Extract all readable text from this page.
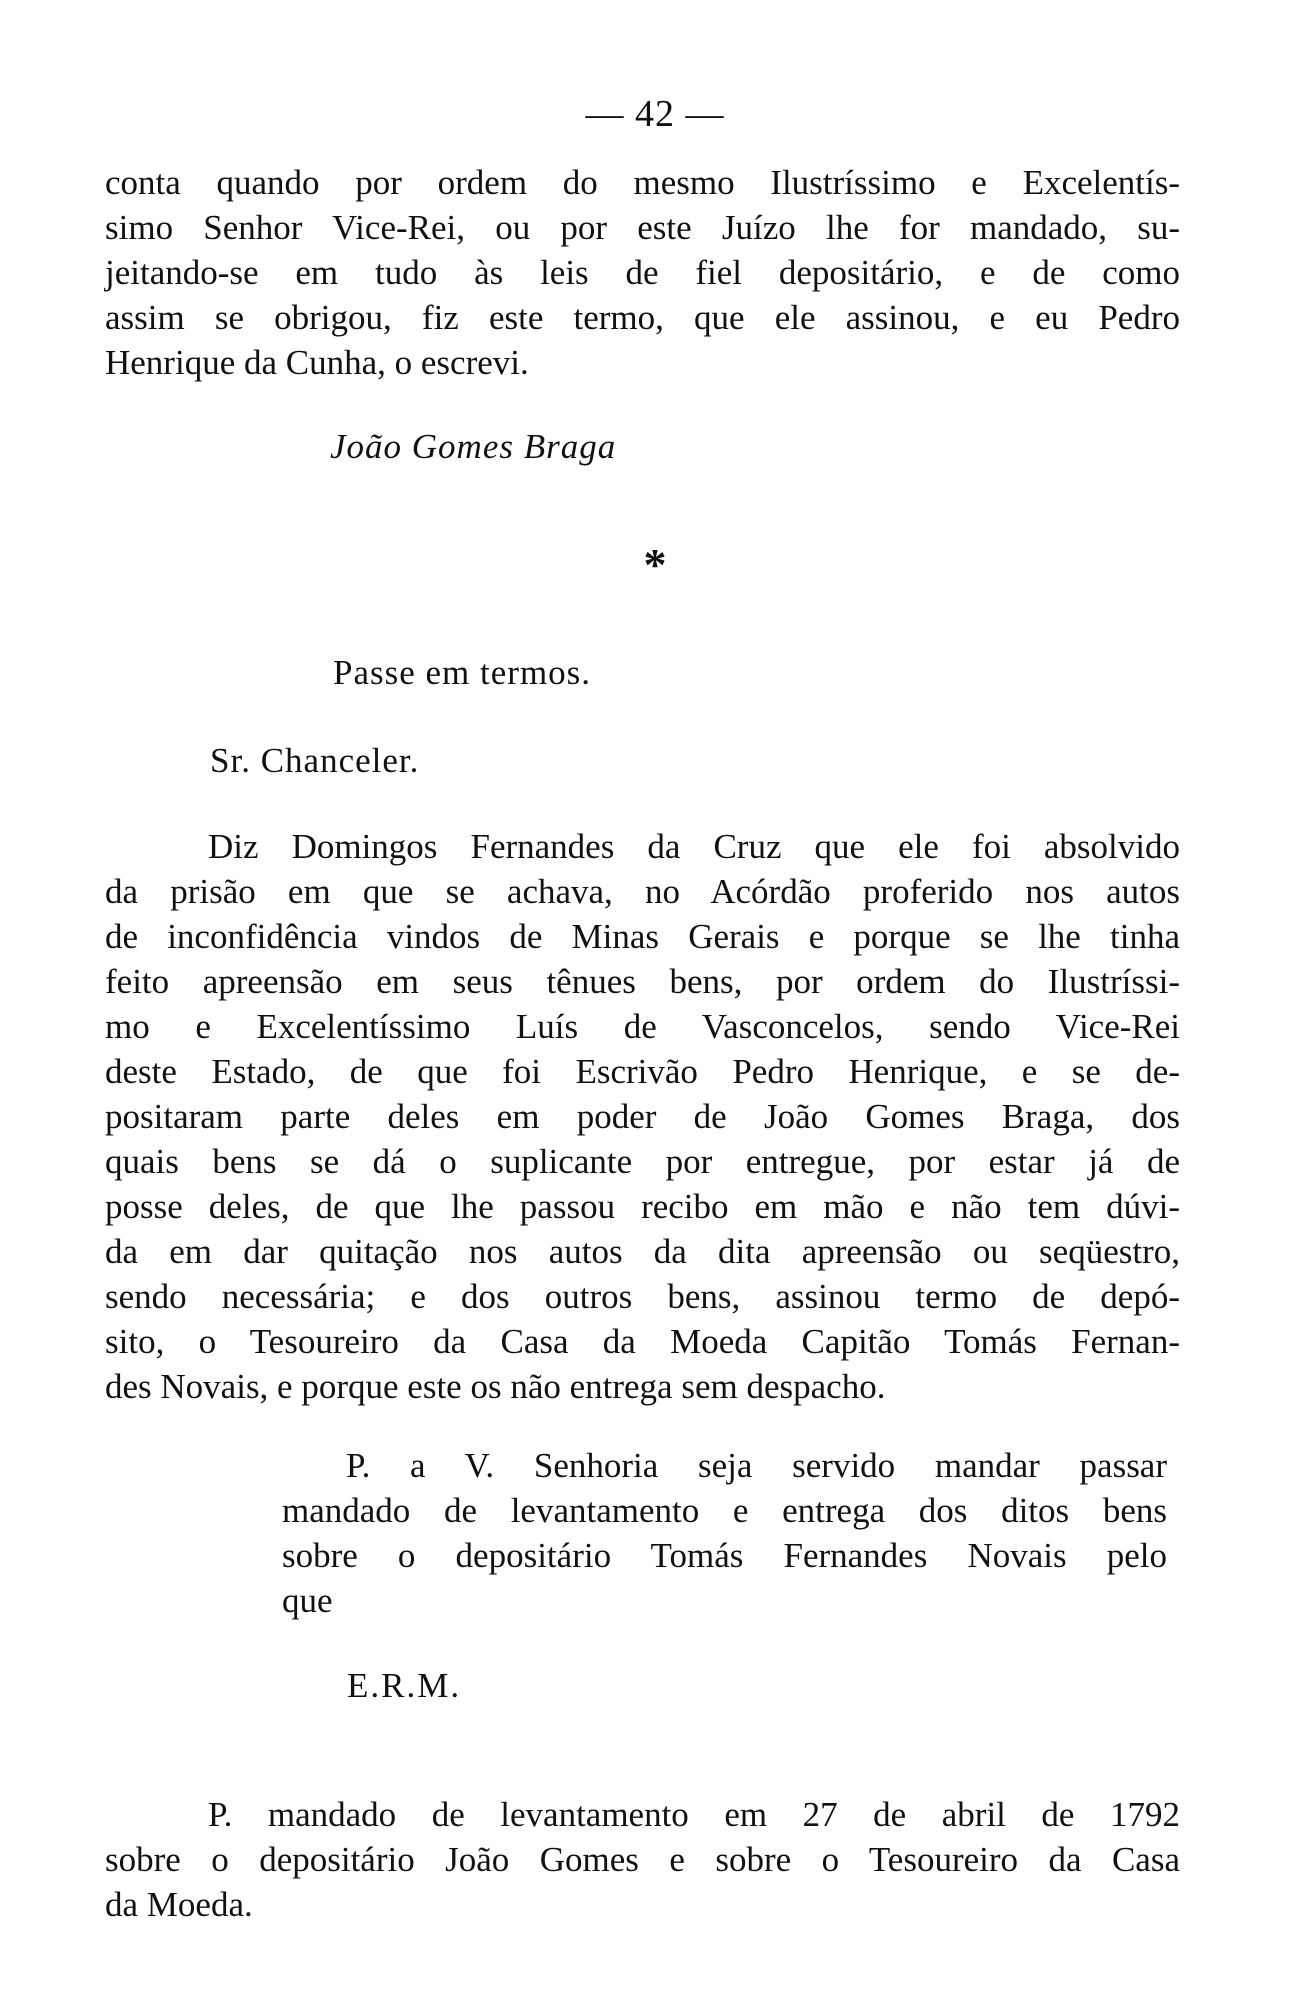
— 42 —
conta quando por ordem do mesmo Ilustríssimo e Excelentís-
simo Senhor Vice-Rei, ou por este Juízo lhe for mandado, su-
jeitando-se em tudo às leis de fiel depositário, e de como
assim se obrigou, fiz este termo, que ele assinou, e eu Pedro
Henrique da Cunha, o escrevi.
João Gomes Braga
*
Passe em termos.
Sr. Chanceler.
Diz Domingos Fernandes da Cruz que ele foi absolvido
da prisão em que se achava, no Acórdão proferido nos autos
de inconfidência vindos de Minas Gerais e porque se lhe tinha
feito apreensão em seus tênues bens, por ordem do Ilustríssi-
mo e Excelentíssimo Luís de Vasconcelos, sendo Vice-Rei
deste Estado, de que foi Escrivão Pedro Henrique, e se de-
positaram parte deles em poder de João Gomes Braga, dos
quais bens se dá o suplicante por entregue, por estar já de
posse deles, de que lhe passou recibo em mão e não tem dúvi-
da em dar quitação nos autos da dita apreensão ou seqüestro,
sendo necessária; e dos outros bens, assinou termo de depó-
sito, o Tesoureiro da Casa da Moeda Capitão Tomás Fernan-
des Novais, e porque este os não entrega sem despacho.
P. a V. Senhoria seja servido mandar passar
mandado de levantamento e entrega dos ditos bens
sobre o depositário Tomás Fernandes Novais pelo
que
E.R.M.
P. mandado de levantamento em 27 de abril de 1792
sobre o depositário João Gomes e sobre o Tesoureiro da Casa
da Moeda.
